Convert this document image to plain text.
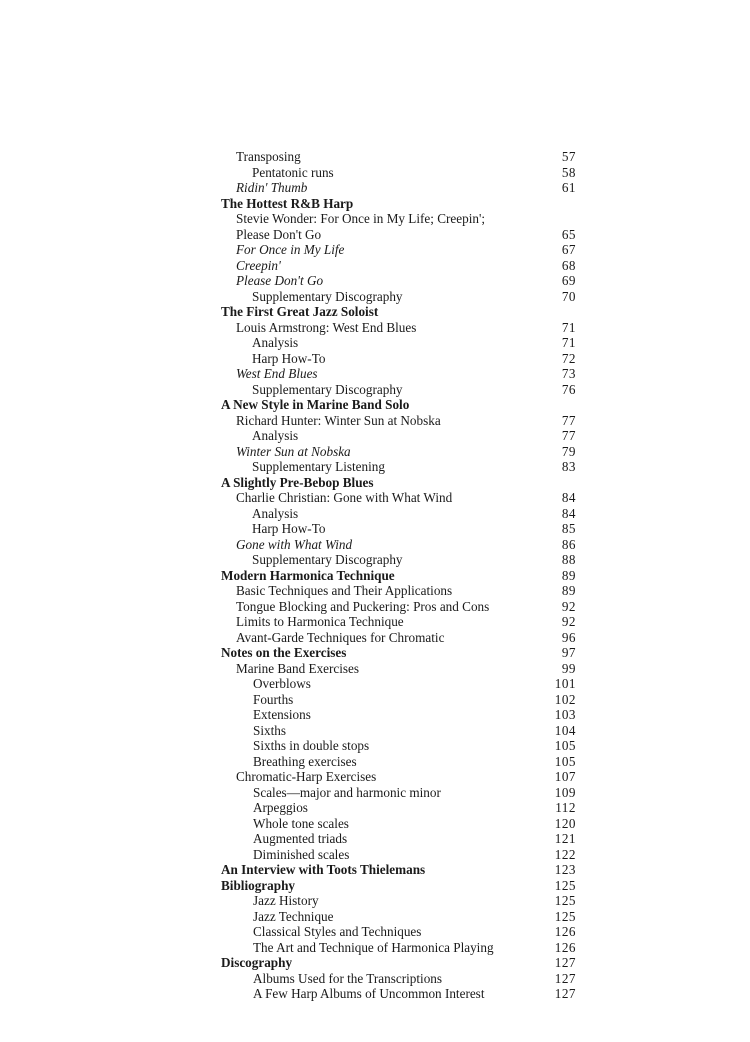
Transposing	57
Pentatonic runs	58
Ridin' Thumb	61
The Hottest R&B Harp
Stevie Wonder: For Once in My Life; Creepin';
Please Don't Go	65
For Once in My Life	67
Creepin'	68
Please Don't Go	69
Supplementary Discography	70
The First Great Jazz Soloist
Louis Armstrong: West End Blues	71
Analysis	71
Harp How-To	72
West End Blues	73
Supplementary Discography	76
A New Style in Marine Band Solo
Richard Hunter: Winter Sun at Nobska	77
Analysis	77
Winter Sun at Nobska	79
Supplementary Listening	83
A Slightly Pre-Bebop Blues
Charlie Christian: Gone with What Wind	84
Analysis	84
Harp How-To	85
Gone with What Wind	86
Supplementary Discography	88
Modern Harmonica Technique	89
Basic Techniques and Their Applications	89
Tongue Blocking and Puckering: Pros and Cons	92
Limits to Harmonica Technique	92
Avant-Garde Techniques for Chromatic	96
Notes on the Exercises	97
Marine Band Exercises	99
Overblows	101
Fourths	102
Extensions	103
Sixths	104
Sixths in double stops	105
Breathing exercises	105
Chromatic-Harp Exercises	107
Scales—major and harmonic minor	109
Arpeggios	112
Whole tone scales	120
Augmented triads	121
Diminished scales	122
An Interview with Toots Thielemans	123
Bibliography	125
Jazz History	125
Jazz Technique	125
Classical Styles and Techniques	126
The Art and Technique of Harmonica Playing	126
Discography	127
Albums Used for the Transcriptions	127
A Few Harp Albums of Uncommon Interest	127
